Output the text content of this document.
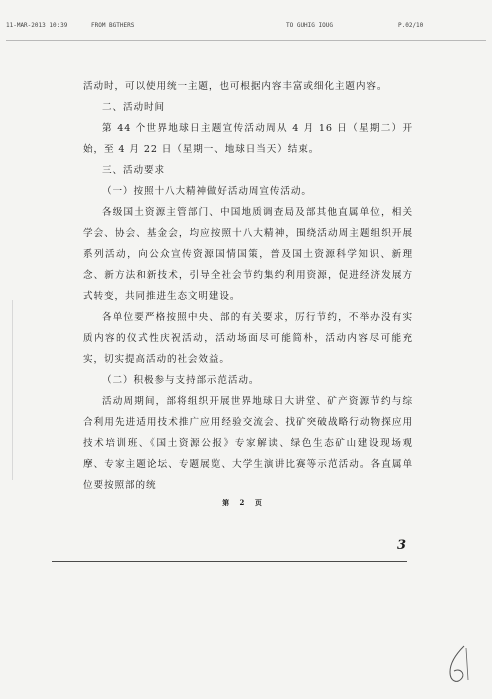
11-MAR-2013 10:39	FROM BGTHERS	TO GUHIG IOUG	P.02/10

活动时，可以使用统一主题，也可根据内容丰富或细化主题内容。

二、活动时间

第 44 个世界地球日主题宣传活动周从 4 月 16 日（星期二）开始，至 4 月 22 日（星期一、地球日当天）结束。

三、活动要求

（一）按照十八大精神做好活动周宣传活动。

各级国土资源主管部门、中国地质调查局及部其他直属单位，相关学会、协会、基金会，均应按照十八大精神，围绕活动周主题组织开展系列活动，向公众宣传资源国情国策，普及国土资源科学知识、新理念、新方法和新技术，引导全社会节约集约利用资源，促进经济发展方式转变，共同推进生态文明建设。

各单位要严格按照中央、部的有关要求，厉行节约，不举办没有实质内容的仪式性庆祝活动，活动场面尽可能简朴，活动内容尽可能充实，切实提高活动的社会效益。

（二）积极参与支持部示范活动。

活动周期间，部将组织开展世界地球日大讲堂、矿产资源节约与综合利用先进适用技术推广应用经验交流会、找矿突破战略行动物探应用技术培训班、《国土资源公报》专家解读、绿色生态矿山建设现场观摩、专家主题论坛、专题展览、大学生演讲比赛等示范活动。各直属单位要按照部的统

第 2 页
3
